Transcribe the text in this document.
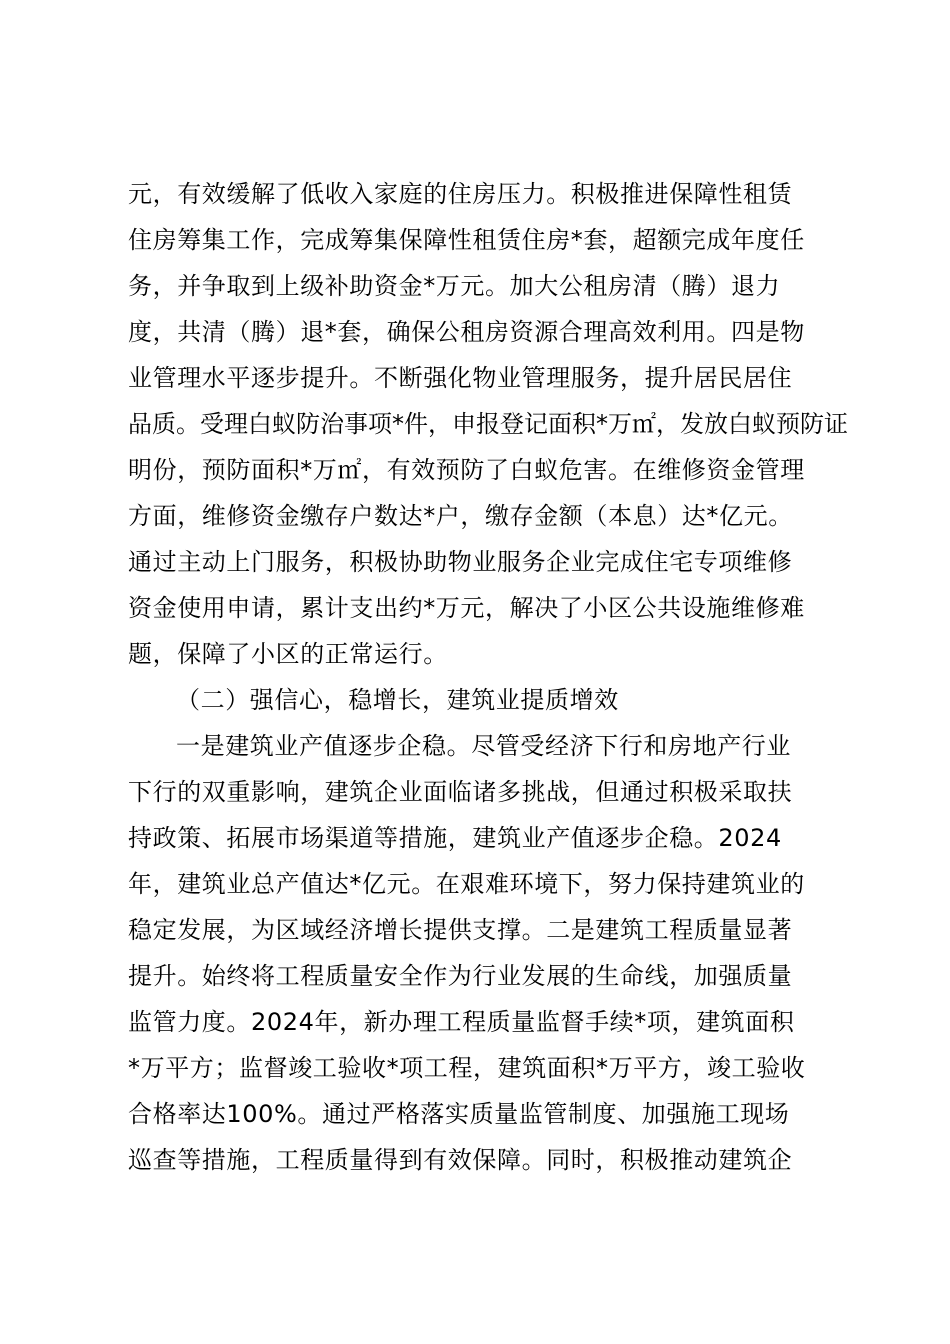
元，有效缓解了低收入家庭的住房压力。积极推进保障性租赁
住房筹集工作，完成筹集保障性租赁住房*套，超额完成年度任
务，并争取到上级补助资金*万元。加大公租房清（腾）退力
度，共清（腾）退*套，确保公租房资源合理高效利用。四是物
业管理水平逐步提升。不断强化物业管理服务，提升居民居住
品质。受理白蚁防治事项*件，申报登记面积*万㎡，发放白蚁预防证
明份，预防面积*万㎡，有效预防了白蚁危害。在维修资金管理
方面，维修资金缴存户数达*户，缴存金额（本息）达*亿元。
通过主动上门服务，积极协助物业服务企业完成住宅专项维修
资金使用申请，累计支出约*万元，解决了小区公共设施维修难
题，保障了小区的正常运行。
（二）强信心，稳增长，建筑业提质增效
一是建筑业产值逐步企稳。尽管受经济下行和房地产行业
下行的双重影响，建筑企业面临诸多挑战，但通过积极采取扶
持政策、拓展市场渠道等措施，建筑业产值逐步企稳。2024
年，建筑业总产值达*亿元。在艰难环境下，努力保持建筑业的
稳定发展，为区域经济增长提供支撑。二是建筑工程质量显著
提升。始终将工程质量安全作为行业发展的生命线，加强质量
监管力度。2024年，新办理工程质量监督手续*项，建筑面积
*万平方；监督竣工验收*项工程，建筑面积*万平方，竣工验收
合格率达100%。通过严格落实质量监管制度、加强施工现场
巡查等措施，工程质量得到有效保障。同时，积极推动建筑企
